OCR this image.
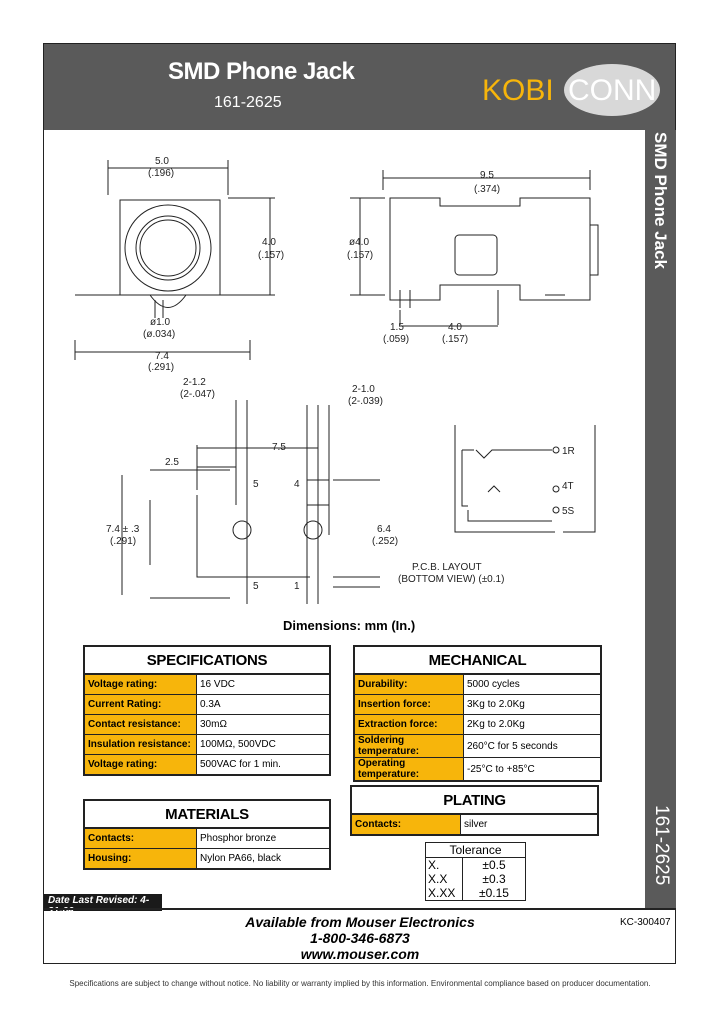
SMD Phone Jack
161-2625	KOBI CONN
SMD Phone Jack
161-2625
5.0
(.196)
4.0
(.157)
ø1.0
(ø.034)
7.4
(.291)
9.5
(.374)
ø4.0
(.157)
1.5
(.059)
4.0
(.157)
2-1.2
(2-.047)	2-1.0
(2-.039)
7.5
2.5
7.4 ± .3
(.291)
6.4
(.252)
5	4
5	1
P.C.B. LAYOUT
(BOTTOM VIEW) (±0.1)
1R
4T
5S
Dimensions: mm (In.)
SPECIFICATIONS	
Voltage rating:	16 VDC
Current Rating:	0.3A
Contact resistance:	30mΩ
Insulation resistance:	100MΩ, 500VDC
Voltage rating:	500VAC for 1 min.
MECHANICAL	
Durability:	5000 cycles
Insertion force:	3Kg to 2.0Kg
Extraction force:	2Kg to 2.0Kg
Soldering temperature:	260°C for 5 seconds
Operating temperature:	-25°C to +85°C
MATERIALS	
Contacts:	Phosphor bronze
Housing:	Nylon PA66, black
PLATING
Contacts:	silver
Tolerance	
X.	±0.5
X.X	±0.3
X.XX	±0.15
Date Last Revised: 4-21-06
Available from Mouser Electronics
1-800-346-6873
www.mouser.com
KC-300407
Specifications are subject to change without notice. No liability or warranty implied by this information. Environmental compliance based on producer documentation.
